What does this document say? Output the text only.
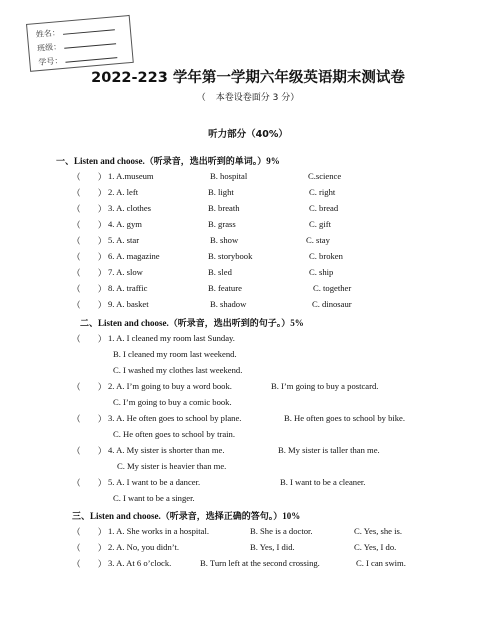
姓名：
班级：
学号：
2022-223 学年第一学期六年级英语期末测试卷
（ 本卷设卷面分 3 分）
听力部分（40%）
一、Listen and choose.（听录音，选出听到的单词。）9%
（　　） 1. A.museum	B. hospital	C.science
（　　） 2. A. left	B. light	C. right
（　　） 3. A. clothes	B. breath	C. bread
（　　） 4. A. gym	B. grass	C. gift
（　　） 5. A. star	B. show	C. stay
（　　） 6. A. magazine	B. storybook	C. broken
（　　） 7. A. slow	B. sled	C. ship
（　　） 8. A. traffic	B. feature	C. together
（　　） 9. A. basket	B. shadow	C. dinosaur
二、Listen and choose.（听录音，选出听到的句子。）5%
（　　） 1. A. I cleaned my room last Sunday.
B. I cleaned my room last weekend.
C. I washed my clothes last weekend.
（　　） 2. A. I’m going to buy a word book.	B. I’m going to buy a postcard.
C. I’m going to buy a comic book.
（　　） 3. A. He often goes to school by plane.	B. He often goes to school by bike.
C. He often goes to school by train.
（　　） 4. A. My sister is shorter than me.	B. My sister is taller than me.
C. My sister is heavier than me.
（　　） 5. A. I want to be a dancer.	B. I want to be a cleaner.
C. I want to be a singer.
三、Listen and choose.（听录音，选择正确的答句。）10%
（　　） 1. A. She works in a hospital.	B. She is a doctor.	C. Yes, she is.
（　　） 2. A. No, you didn’t.	B. Yes, I did.	C. Yes, I do.
（　　） 3. A. At 6 o’clock.	B. Turn left at the second crossing.	C. I can swim.
